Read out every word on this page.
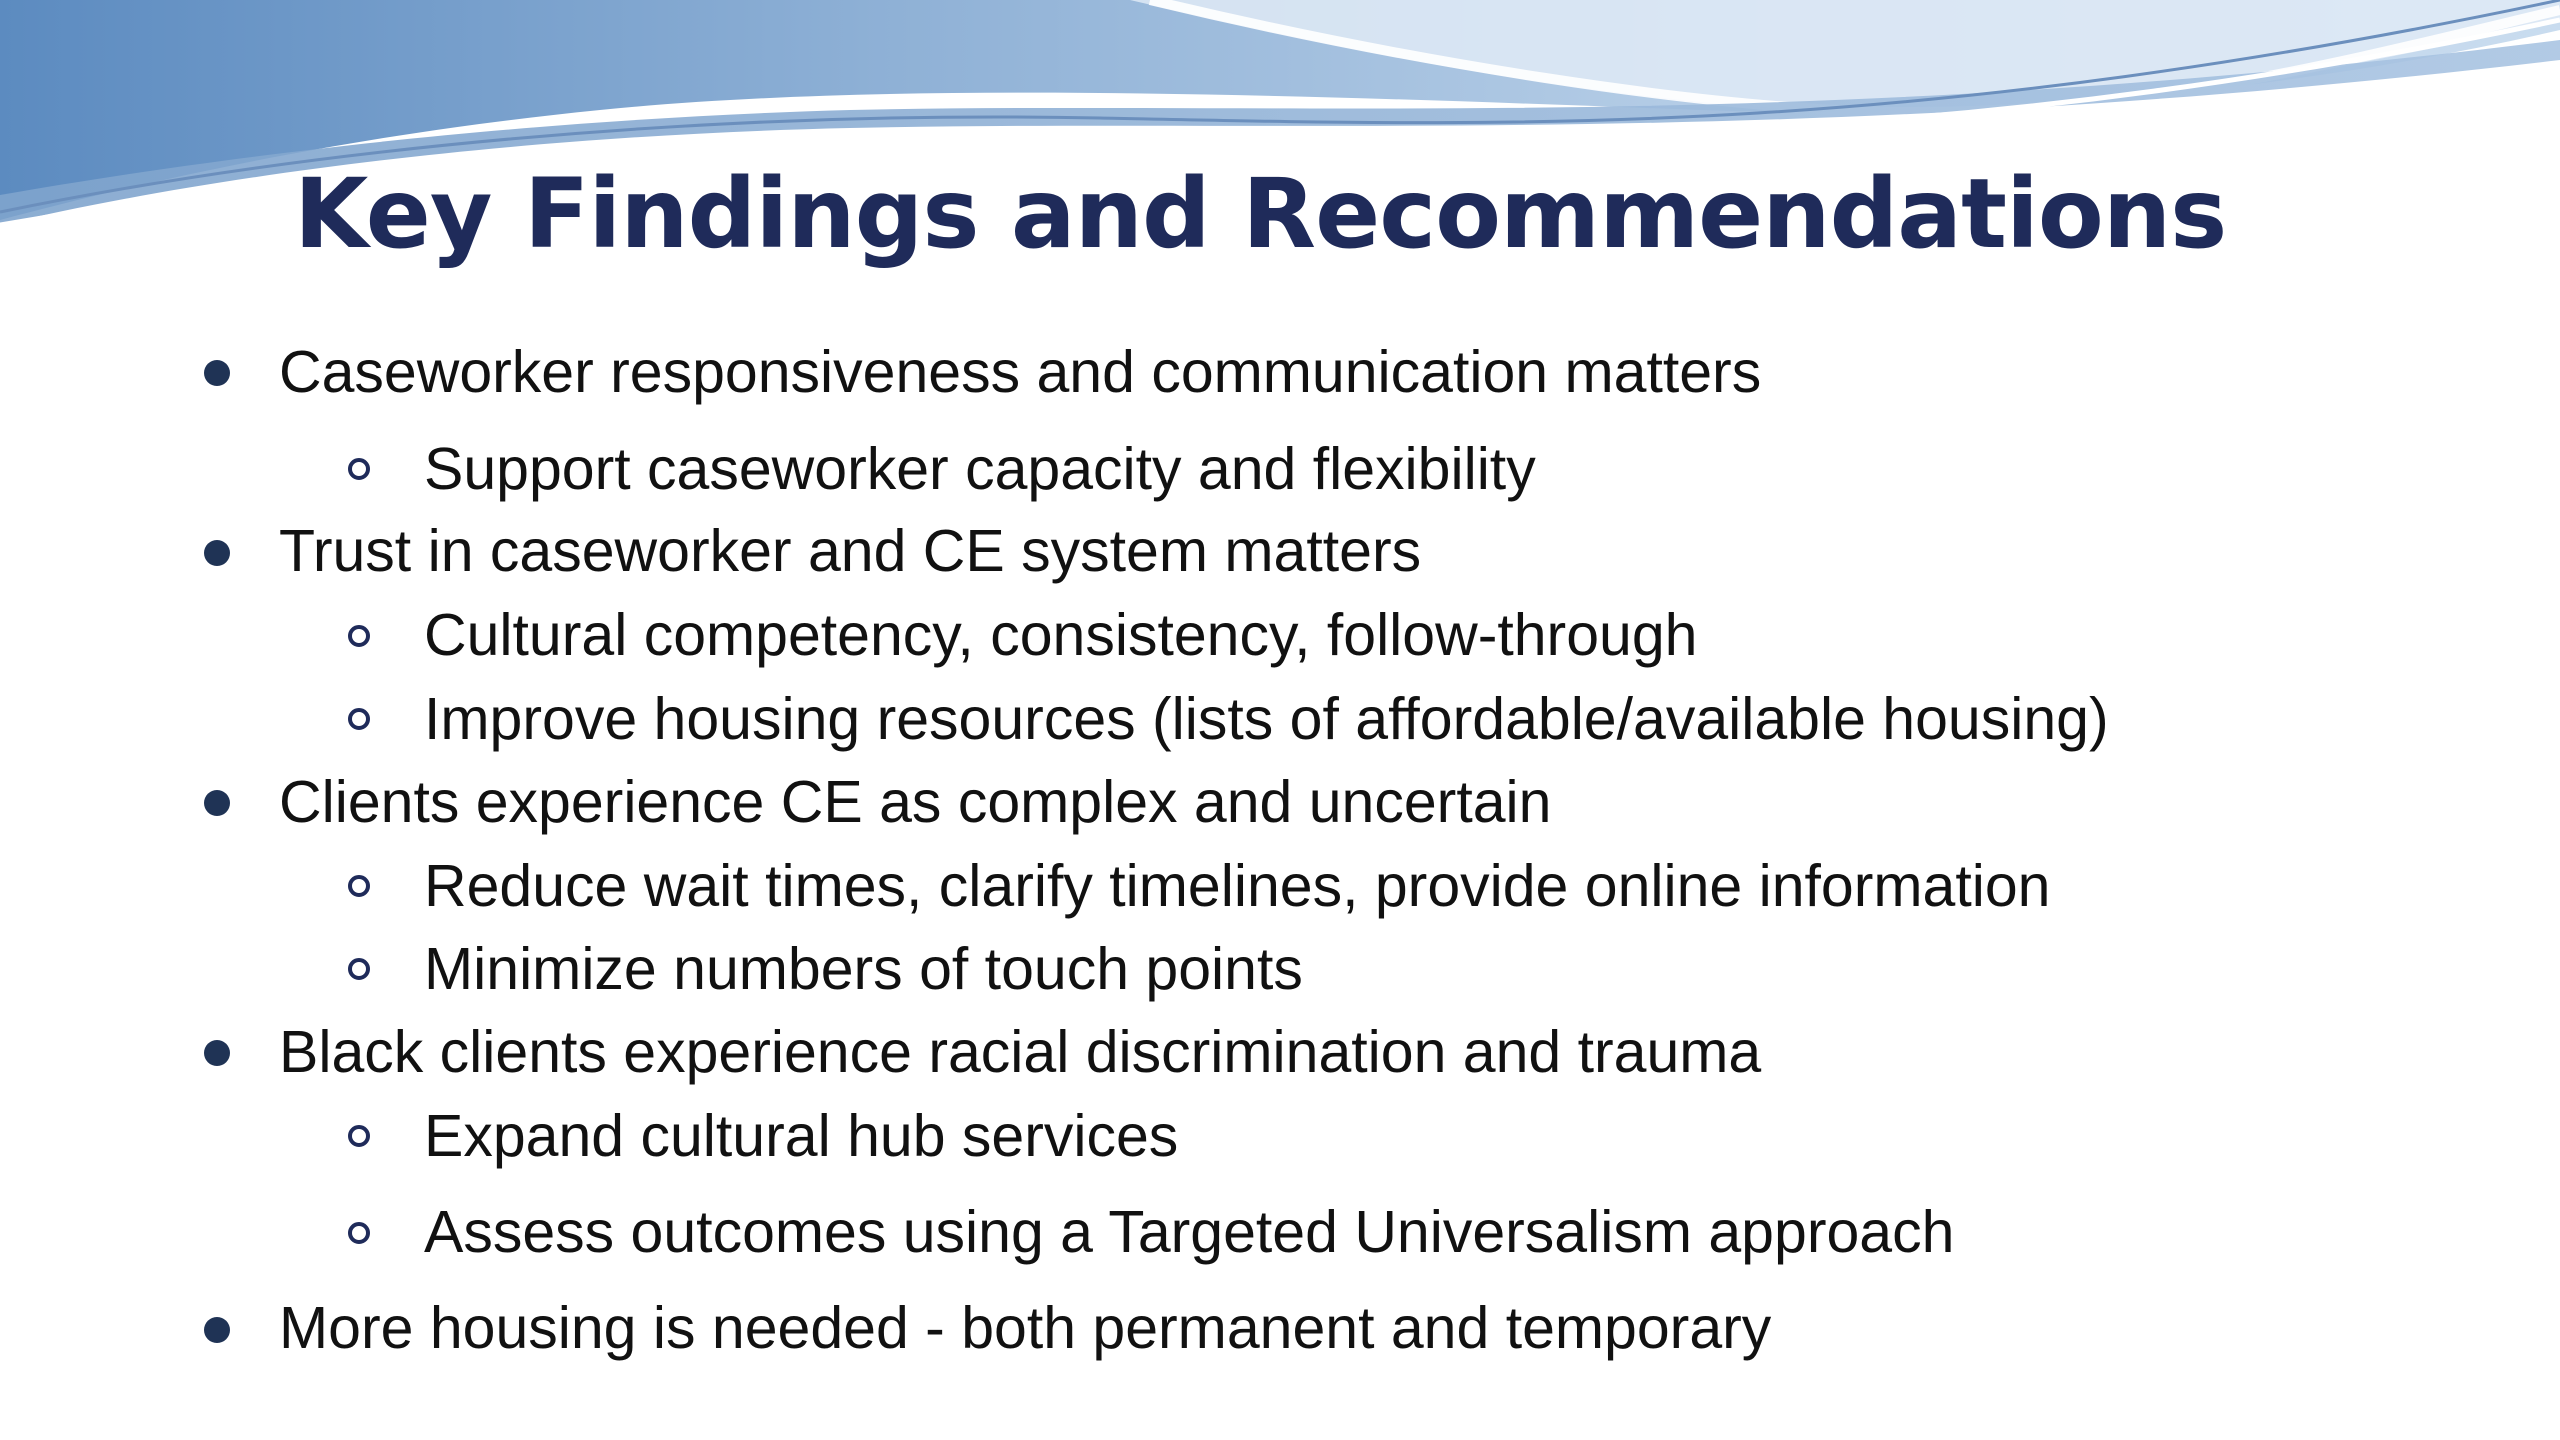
Key Findings and Recommendations
Caseworker responsiveness and communication matters
Support caseworker capacity and flexibility
Trust in caseworker and CE system matters
Cultural competency, consistency, follow-through
Improve housing resources (lists of affordable/available housing)
Clients experience CE as complex and uncertain
Reduce wait times, clarify timelines, provide online information
Minimize numbers of touch points
Black clients experience racial discrimination and trauma
Expand cultural hub services
Assess outcomes using a Targeted Universalism approach
More housing is needed - both permanent and temporary
